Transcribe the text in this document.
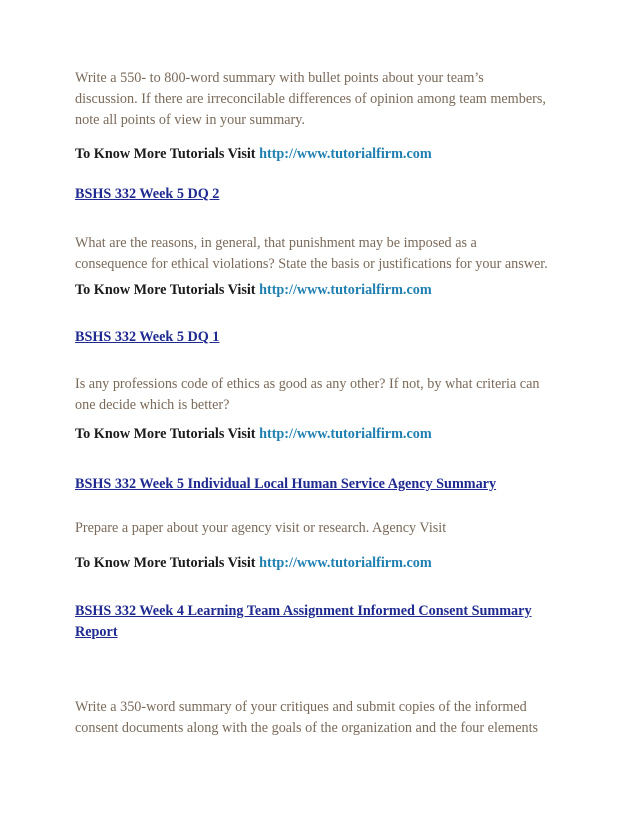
Write a 550- to 800-word summary with bullet points about your team’s
discussion. If there are irreconcilable differences of opinion among team members,
note all points of view in your summary.

To Know More Tutorials Visit http://www.tutorialfirm.com

BSHS 332 Week 5 DQ 2

What are the reasons, in general, that punishment may be imposed as a
consequence for ethical violations? State the basis or justifications for your answer.

To Know More Tutorials Visit http://www.tutorialfirm.com

BSHS 332 Week 5 DQ 1

Is any professions code of ethics as good as any other? If not, by what criteria can
one decide which is better?

To Know More Tutorials Visit http://www.tutorialfirm.com

BSHS 332 Week 5 Individual Local Human Service Agency Summary

Prepare a paper about your agency visit or research. Agency Visit

To Know More Tutorials Visit http://www.tutorialfirm.com

BSHS 332 Week 4 Learning Team Assignment Informed Consent Summary
Report

Write a 350-word summary of your critiques and submit copies of the informed
consent documents along with the goals of the organization and the four elements
